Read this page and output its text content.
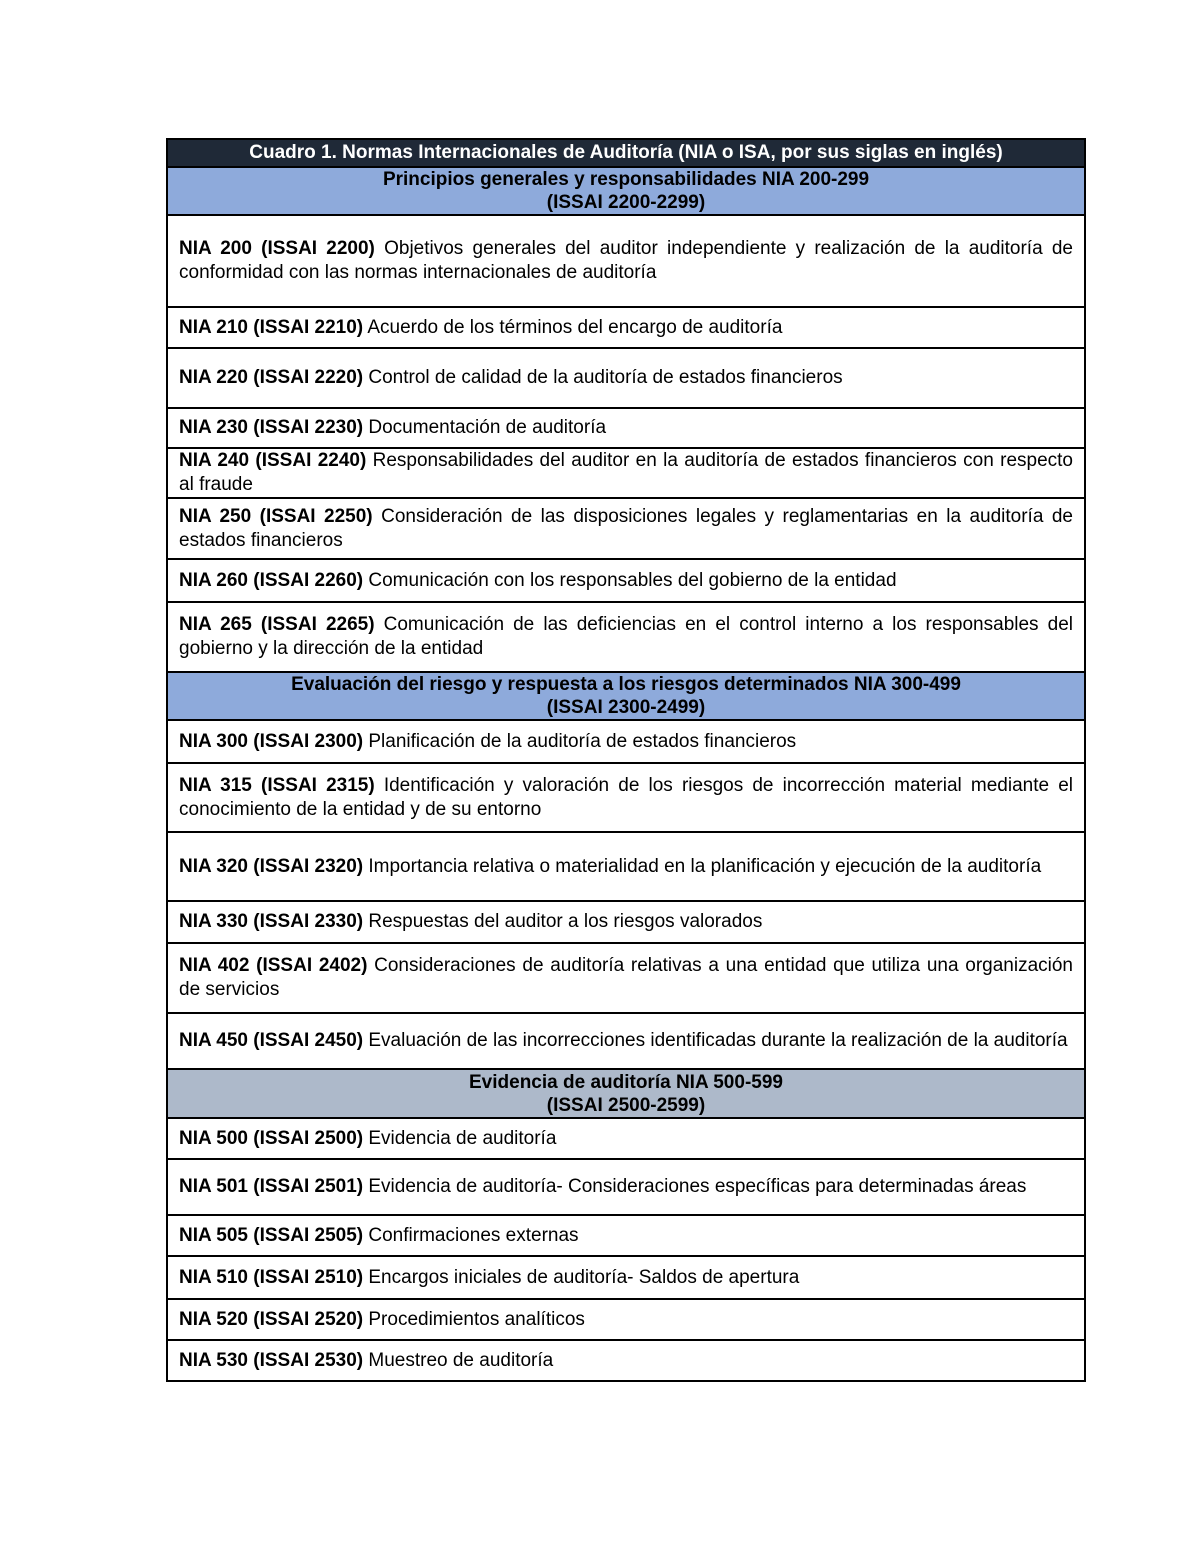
Cuadro 1. Normas Internacionales de Auditoría (NIA o ISA, por sus siglas en inglés)
Principios generales y responsabilidades NIA 200-299
(ISSAI 2200-2299)
NIA 200 (ISSAI 2200) Objetivos generales del auditor independiente y realización de la auditoría de conformidad con las normas internacionales de auditoría
NIA 210 (ISSAI 2210) Acuerdo de los términos del encargo de auditoría
NIA 220 (ISSAI 2220) Control de calidad de la auditoría de estados financieros
NIA 230 (ISSAI 2230) Documentación de auditoría
NIA 240 (ISSAI 2240) Responsabilidades del auditor en la auditoría de estados financieros con respecto al fraude
NIA 250 (ISSAI 2250) Consideración de las disposiciones legales y reglamentarias en la auditoría de estados financieros
NIA 260 (ISSAI 2260) Comunicación con los responsables del gobierno de la entidad
NIA 265 (ISSAI 2265) Comunicación de las deficiencias en el control interno a los responsables del gobierno y la dirección de la entidad
Evaluación del riesgo y respuesta a los riesgos determinados NIA 300-499
(ISSAI 2300-2499)
NIA 300 (ISSAI 2300) Planificación de la auditoría de estados financieros
NIA 315 (ISSAI 2315) Identificación y valoración de los riesgos de incorrección material mediante el conocimiento de la entidad y de su entorno
NIA 320 (ISSAI 2320) Importancia relativa o materialidad en la planificación y ejecución de la auditoría
NIA 330 (ISSAI 2330) Respuestas del auditor a los riesgos valorados
NIA 402 (ISSAI 2402) Consideraciones de auditoría relativas a una entidad que utiliza una organización de servicios
NIA 450 (ISSAI 2450) Evaluación de las incorrecciones identificadas durante la realización de la auditoría
Evidencia de auditoría NIA 500-599
(ISSAI 2500-2599)
NIA 500 (ISSAI 2500) Evidencia de auditoría
NIA 501 (ISSAI 2501) Evidencia de auditoría- Consideraciones específicas para determinadas áreas
NIA 505 (ISSAI 2505) Confirmaciones externas
NIA 510 (ISSAI 2510) Encargos iniciales de auditoría- Saldos de apertura
NIA 520 (ISSAI 2520) Procedimientos analíticos
NIA 530 (ISSAI 2530) Muestreo de auditoría
